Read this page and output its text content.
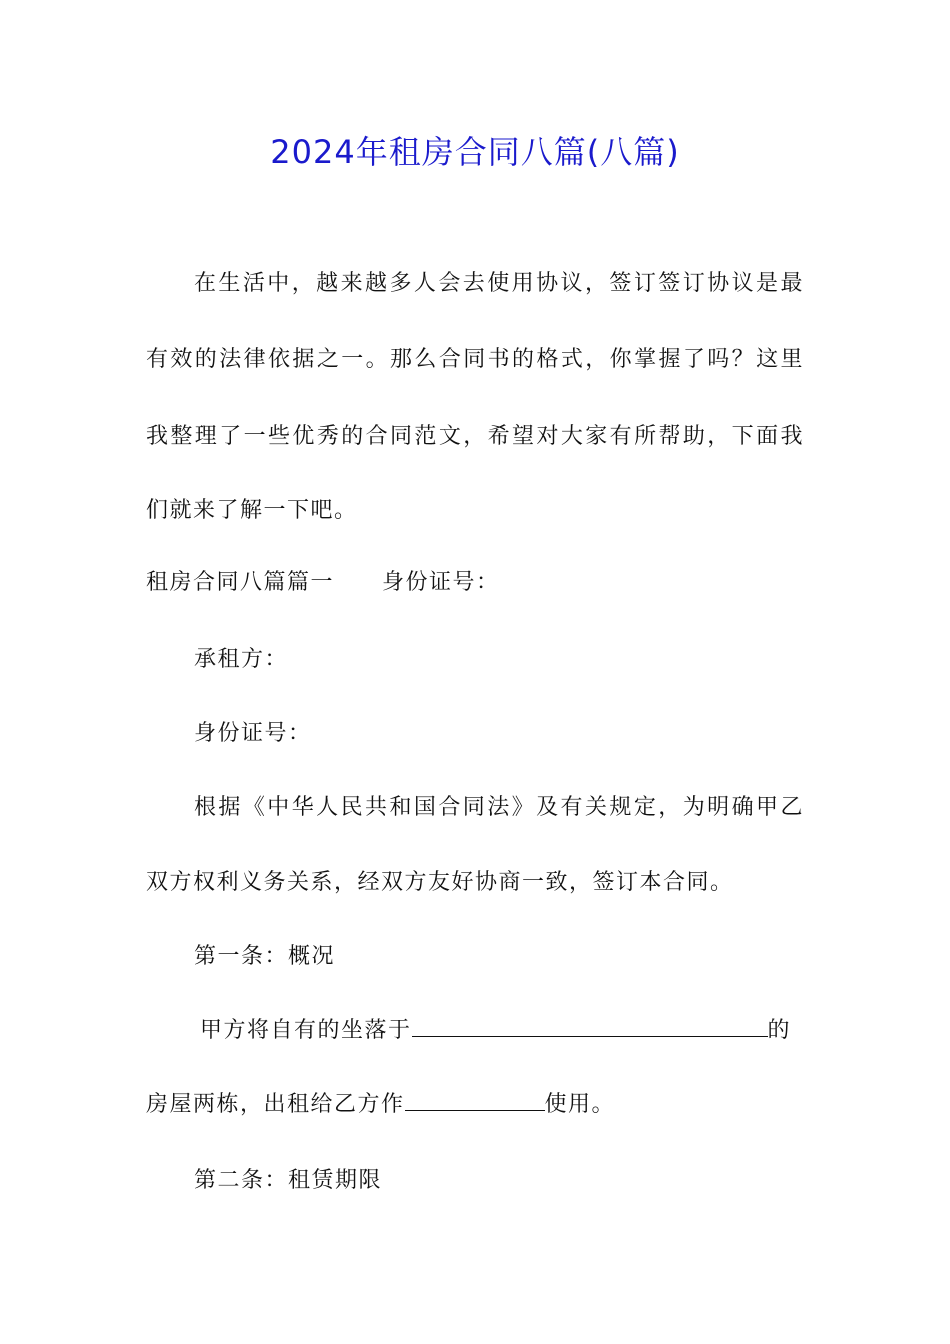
2024年租房合同八篇(八篇)
在生活中，越来越多人会去使用协议，签订签订协议是最
有效的法律依据之一。那么合同书的格式，你掌握了吗？这里
我整理了一些优秀的合同范文，希望对大家有所帮助，下面我
们就来了解一下吧。
租房合同八篇篇一 身份证号：
承租方：
身份证号：
根据《中华人民共和国合同法》及有关规定，为明确甲乙
双方权利义务关系，经双方友好协商一致，签订本合同。
第一条：概况
甲方将自有的坐落于	的
房屋两栋，出租给乙方作	使用。
第二条：租赁期限
